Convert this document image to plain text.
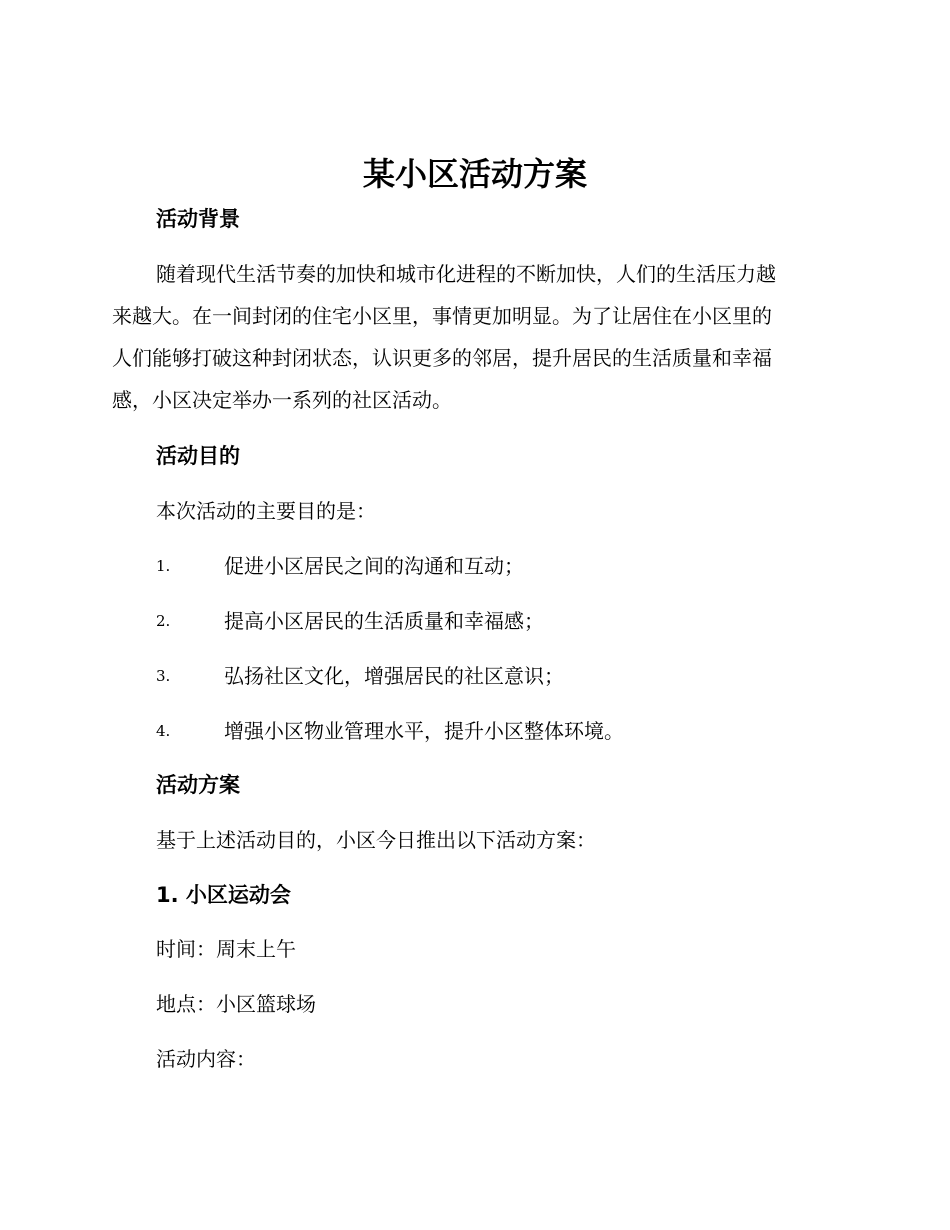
某小区活动方案
活动背景
随着现代生活节奏的加快和城市化进程的不断加快，人们的生活压力越
来越大。在一间封闭的住宅小区里，事情更加明显。为了让居住在小区里的
人们能够打破这种封闭状态，认识更多的邻居，提升居民的生活质量和幸福
感，小区决定举办一系列的社区活动。
活动目的
本次活动的主要目的是：
1.	促进小区居民之间的沟通和互动；
2.	提高小区居民的生活质量和幸福感；
3.	弘扬社区文化，增强居民的社区意识；
4.	增强小区物业管理水平，提升小区整体环境。
活动方案
基于上述活动目的，小区今日推出以下活动方案：
1. 小区运动会
时间：周末上午
地点：小区篮球场
活动内容：
